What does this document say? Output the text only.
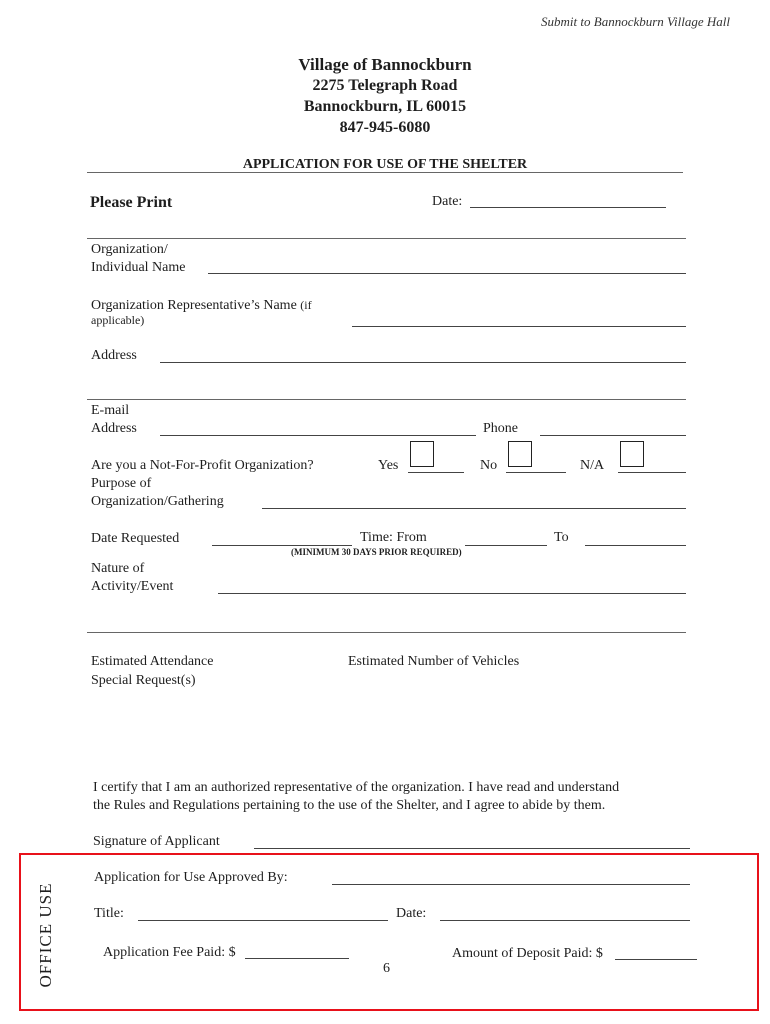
Submit to Bannockburn Village Hall
Village of Bannockburn
2275 Telegraph Road
Bannockburn, IL 60015
847-945-6080
APPLICATION FOR USE OF THE SHELTER
Please Print	Date:
Organization/
Individual Name
Organization Representative’s Name (if
applicable)
Address
E-mail
Address	Phone
Are you a Not-For-Profit Organization?	Yes	No	N/A
Purpose of
Organization/Gathering
Date Requested	Time: From	To
(MINIMUM 30 DAYS PRIOR REQUIRED)
Nature of
Activity/Event
Estimated Attendance	Estimated Number of Vehicles
Special Request(s)
I certify that I am an authorized representative of the organization. I have read and understand
the Rules and Regulations pertaining to the use of the Shelter, and I agree to abide by them.
Signature of Applicant
OFFICE USE
Application for Use Approved By:
Title:	Date:
Application Fee Paid: $	Amount of Deposit Paid: $
6
